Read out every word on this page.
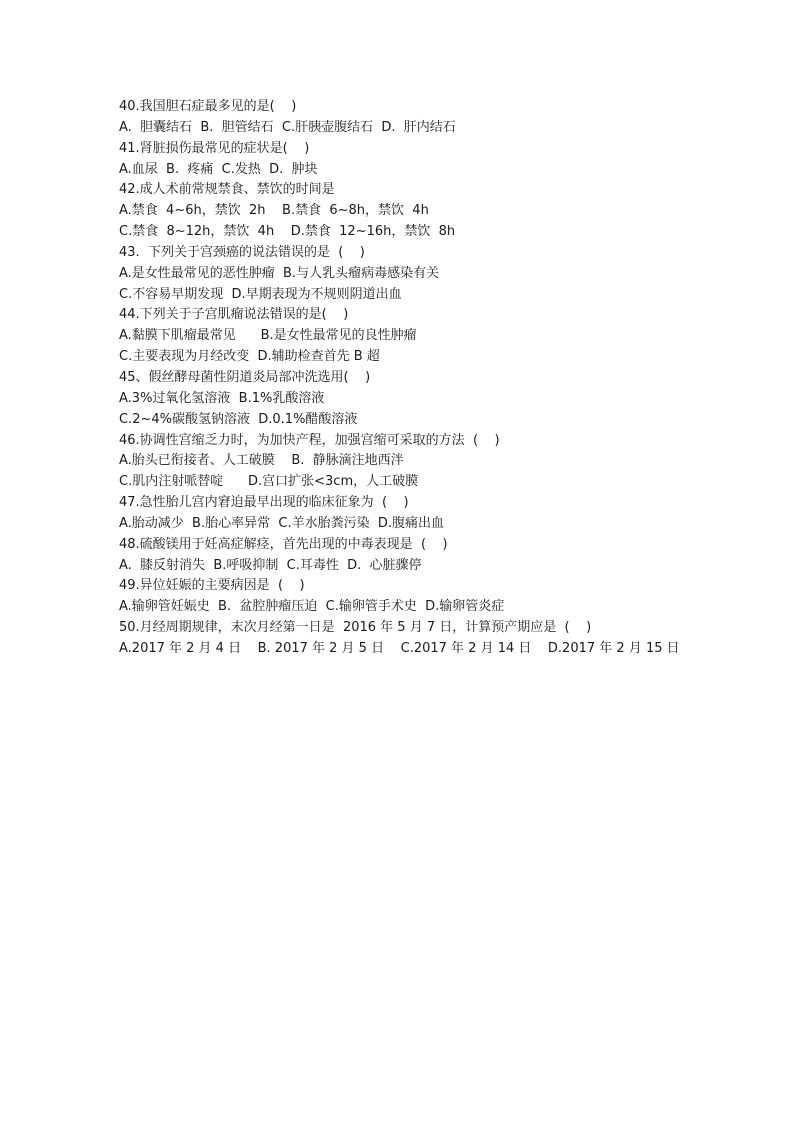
40.我国胆石症最多见的是(    )
A.  胆囊结石  B.  胆管结石  C.肝胰壶腹结石  D.  肝内结石
41.肾脏损伤最常见的症状是(    )
A.血尿  B.  疼痛  C.发热  D.  肿块
42.成人术前常规禁食、禁饮的时间是
A.禁食  4~6h，禁饮  2h    B.禁食  6~8h，禁饮  4h
C.禁食  8~12h，禁饮  4h    D.禁食  12~16h，禁饮  8h
43.  下列关于宫颈癌的说法错误的是  (    )
A.是女性最常见的恶性肿瘤  B.与人乳头瘤病毒感染有关
C.不容易早期发现  D.早期表现为不规则阴道出血
44.下列关于子宫肌瘤说法错误的是(    )
A.黏膜下肌瘤最常见      B.是女性最常见的良性肿瘤
C.主要表现为月经改变  D.辅助检查首先 B 超
45、假丝酵母菌性阴道炎局部冲洗选用(    )
A.3%过氧化氢溶液  B.1%乳酸溶液
C.2~4%碳酸氢钠溶液  D.0.1%醋酸溶液
46.协调性宫缩乏力时，为加快产程，加强宫缩可采取的方法  (    )
A.胎头已衔接者、人工破膜    B.  静脉滴注地西泮
C.肌内注射哌替啶      D.宫口扩张<3cm，人工破膜
47.急性胎儿宫内窘迫最早出现的临床征象为  (    )
A.胎动减少  B.胎心率异常  C.羊水胎粪污染  D.腹痛出血
48.硫酸镁用于妊高症解痉，首先出现的中毒表现是  (    )
A.  膝反射消失  B.呼吸抑制  C.耳毒性  D.  心脏骤停
49.异位妊娠的主要病因是  (    )
A.输卵管妊娠史  B.  盆腔肿瘤压迫  C.输卵管手术史  D.输卵管炎症
50.月经周期规律，末次月经第一日是  2016 年 5 月 7 日，计算预产期应是  (    )
A.2017 年 2 月 4 日    B. 2017 年 2 月 5 日    C.2017 年 2 月 14 日    D.2017 年 2 月 15 日
